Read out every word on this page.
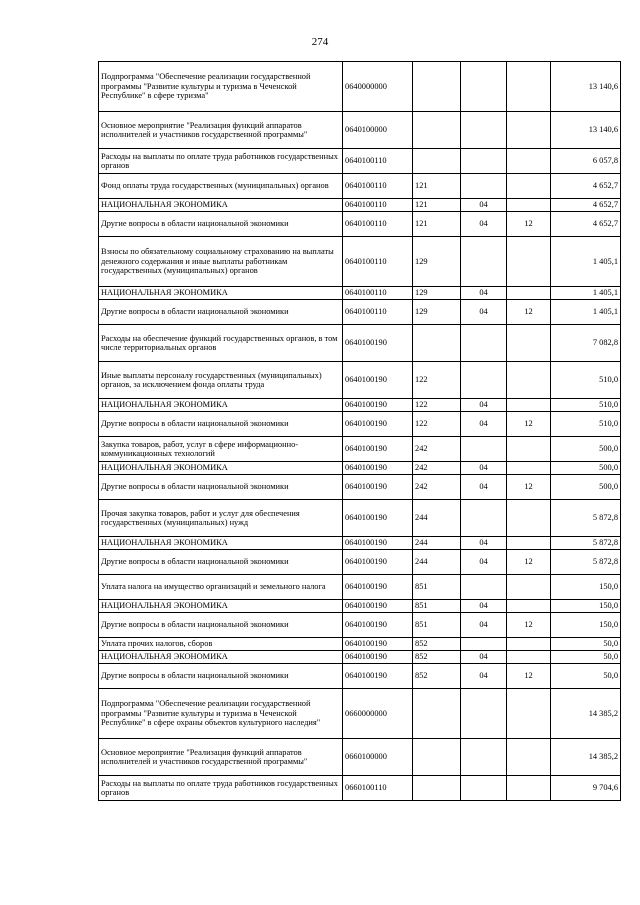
274
Подпрограмма "Обеспечение реализации государственной программы "Развитие культуры и туризма в Чеченской Республике" в сфере туризма"	0640000000				13 140,6
Основное мероприятие "Реализация функций аппаратов исполнителей и участников государственной программы"	0640100000				13 140,6
Расходы на выплаты по оплате труда работников государственных органов	0640100110				6 057,8
Фонд оплаты труда государственных (муниципальных) органов	0640100110	121			4 652,7
НАЦИОНАЛЬНАЯ ЭКОНОМИКА	0640100110	121	04		4 652,7
Другие вопросы в области национальной экономики	0640100110	121	04	12	4 652,7
Взносы по обязательному социальному страхованию на выплаты денежного содержания и иные выплаты работникам государственных (муниципальных) органов	0640100110	129			1 405,1
НАЦИОНАЛЬНАЯ ЭКОНОМИКА	0640100110	129	04		1 405,1
Другие вопросы в области национальной экономики	0640100110	129	04	12	1 405,1
Расходы на обеспечение функций государственных органов, в том числе территориальных органов	0640100190				7 082,8
Иные выплаты персоналу государственных (муниципальных) органов, за исключением фонда оплаты труда	0640100190	122			510,0
НАЦИОНАЛЬНАЯ ЭКОНОМИКА	0640100190	122	04		510,0
Другие вопросы в области национальной экономики	0640100190	122	04	12	510,0
Закупка товаров, работ, услуг в сфере информационно-коммуникационных технологий	0640100190	242			500,0
НАЦИОНАЛЬНАЯ ЭКОНОМИКА	0640100190	242	04		500,0
Другие вопросы в области национальной экономики	0640100190	242	04	12	500,0
Прочая закупка товаров, работ и услуг для обеспечения государственных (муниципальных) нужд	0640100190	244			5 872,8
НАЦИОНАЛЬНАЯ ЭКОНОМИКА	0640100190	244	04		5 872,8
Другие вопросы в области национальной экономики	0640100190	244	04	12	5 872,8
Уплата налога на имущество организаций и земельного налога	0640100190	851			150,0
НАЦИОНАЛЬНАЯ ЭКОНОМИКА	0640100190	851	04		150,0
Другие вопросы в области национальной экономики	0640100190	851	04	12	150,0
Уплата прочих налогов, сборов	0640100190	852			50,0
НАЦИОНАЛЬНАЯ ЭКОНОМИКА	0640100190	852	04		50,0
Другие вопросы в области национальной экономики	0640100190	852	04	12	50,0
Подпрограмма "Обеспечение реализации государственной программы "Развитие культуры и туризма в Чеченской Республике" в сфере охраны объектов культурного наследия"	0660000000				14 385,2
Основное мероприятие "Реализация функций аппаратов исполнителей и участников государственной программы"	0660100000				14 385,2
Расходы на выплаты по оплате труда работников государственных органов	0660100110				9 704,6
